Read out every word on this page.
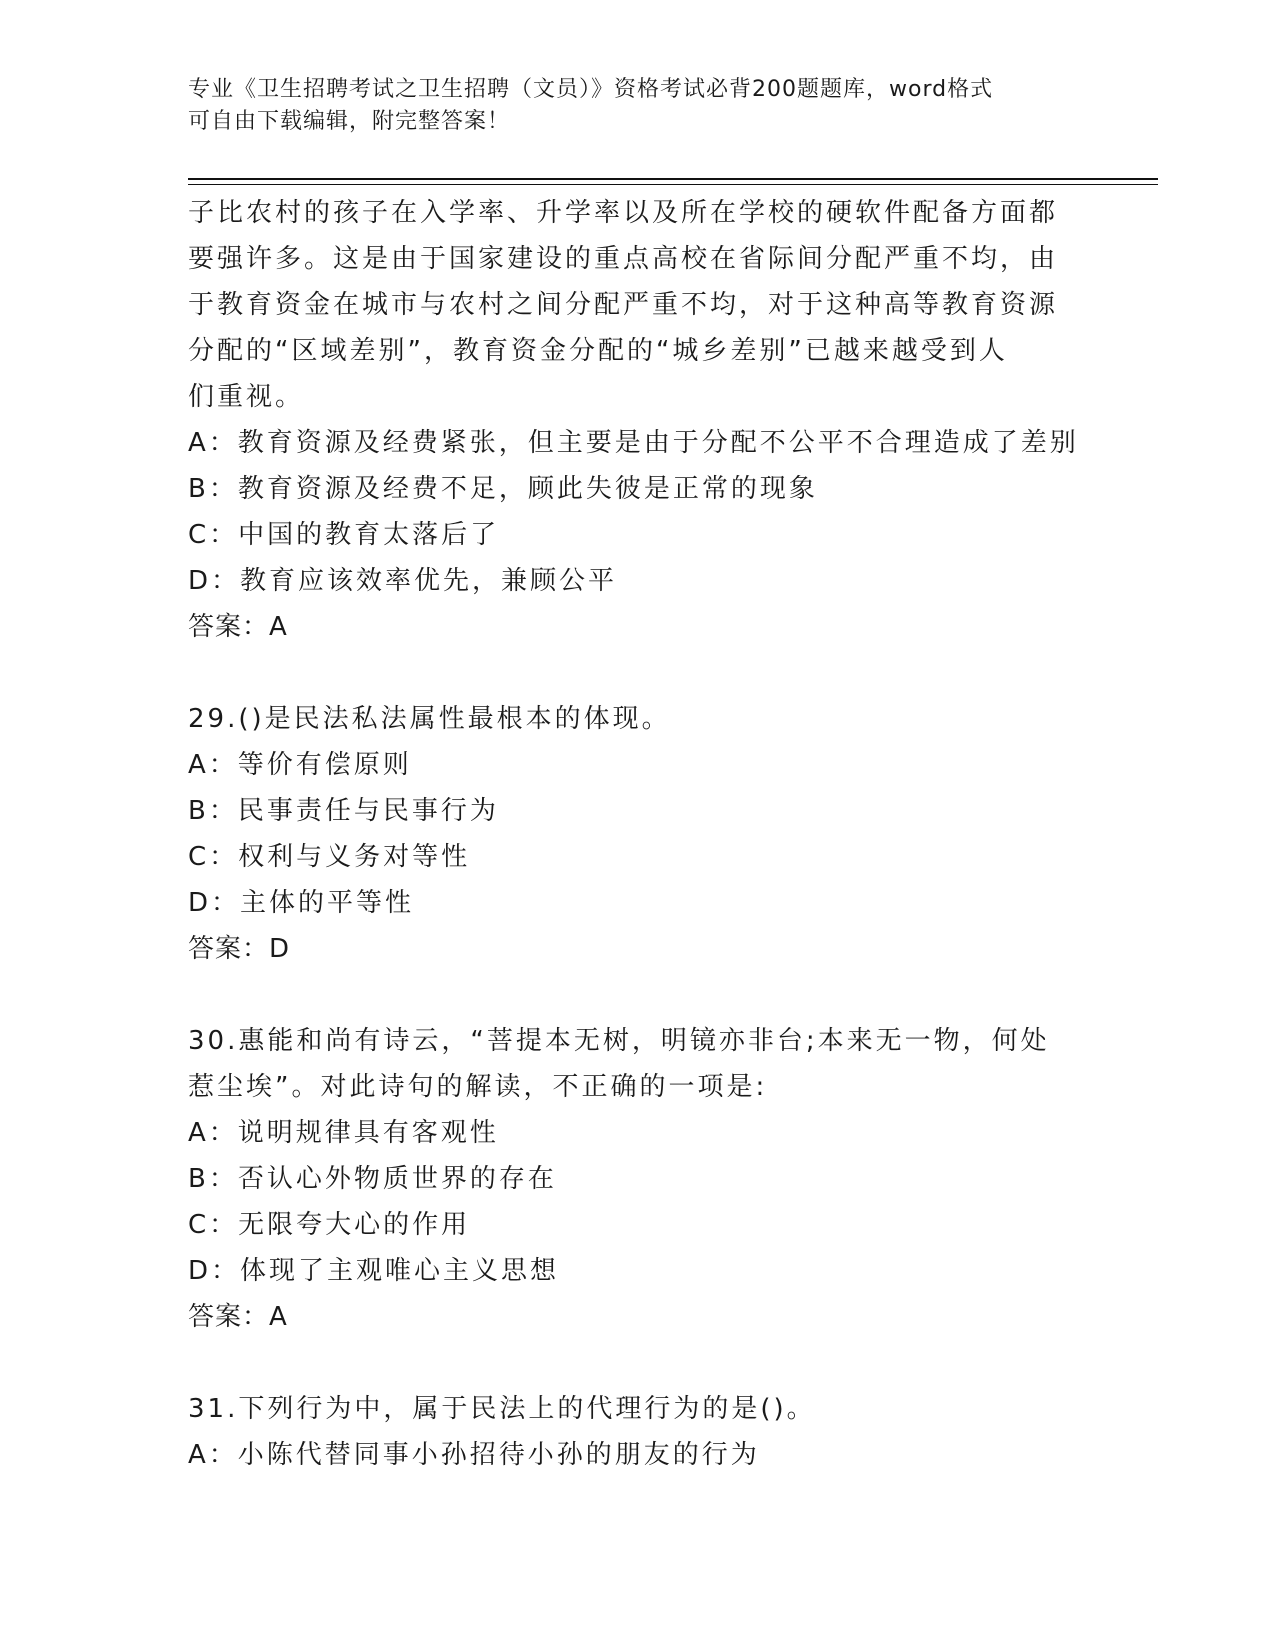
专业《卫生招聘考试之卫生招聘（文员）》资格考试必背200题题库，word格式
可自由下载编辑，附完整答案！
子比农村的孩子在入学率、升学率以及所在学校的硬软件配备方面都
要强许多。这是由于国家建设的重点高校在省际间分配严重不均，由
于教育资金在城市与农村之间分配严重不均，对于这种高等教育资源
分配的“区域差别”，教育资金分配的“城乡差别”已越来越受到人
们重视。
A：教育资源及经费紧张，但主要是由于分配不公平不合理造成了差别
B：教育资源及经费不足，顾此失彼是正常的现象
C：中国的教育太落后了
D：教育应该效率优先，兼顾公平
答案：A
29.()是民法私法属性最根本的体现。
A：等价有偿原则
B：民事责任与民事行为
C：权利与义务对等性
D：主体的平等性
答案：D
30.惠能和尚有诗云，“菩提本无树，明镜亦非台;本来无一物，何处
惹尘埃”。对此诗句的解读，不正确的一项是:
A：说明规律具有客观性
B：否认心外物质世界的存在
C：无限夸大心的作用
D：体现了主观唯心主义思想
答案：A
31.下列行为中，属于民法上的代理行为的是()。
A：小陈代替同事小孙招待小孙的朋友的行为
